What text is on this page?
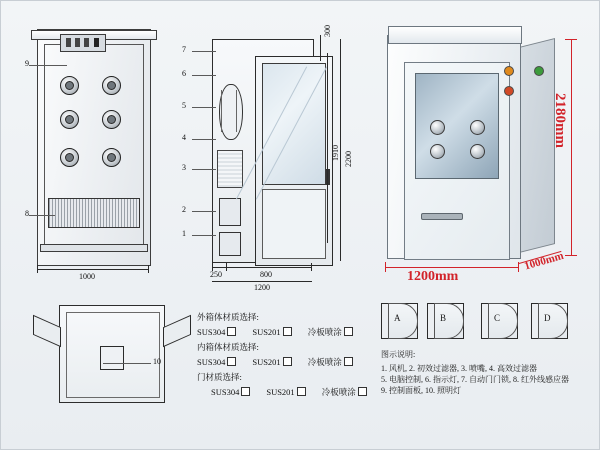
9
8
1000
7
6
5
4
3
2
1
300
1910 2200
250	800
1200
2180mm
1200mm
1000mm
10
外箱体材质选择:
SUS304	SUS201	冷板喷涂
内箱体材质选择:
SUS304	SUS201	冷板喷涂
门材质选择:
SUS304	SUS201	冷板喷涂
A	B	C	D
图示说明:
1. 风机, 2. 初效过滤器, 3. 喷嘴, 4. 高效过滤器
5. 电脑控制, 6. 指示灯, 7. 自动门门锁, 8. 红外线感应器
9. 控制面板, 10. 照明灯
